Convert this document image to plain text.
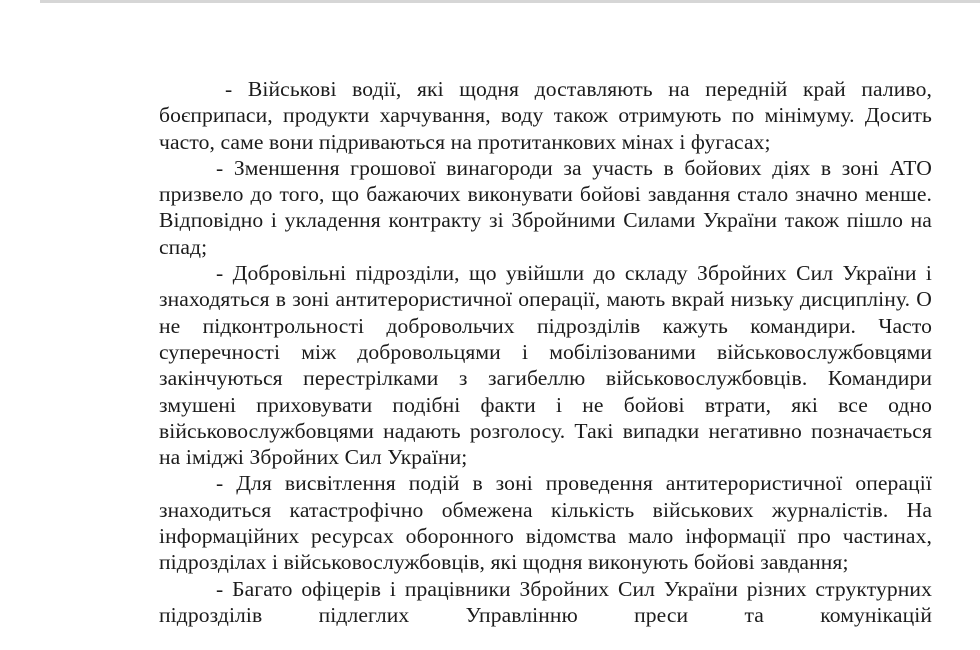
- Військові водії, які щодня доставляють на передній край паливо, боєприпаси, продукти харчування, воду також отримують по мінімуму. Досить часто, саме вони підриваються на протитанкових мінах і фугасах;

- Зменшення грошової винагороди за участь в бойових діях в зоні АТО призвело до того, що бажаючих виконувати бойові завдання стало значно менше. Відповідно і укладення контракту зі Збройними Силами України також пішло на спад;

- Добровільні підрозділи, що увійшли до складу Збройних Сил України і знаходяться в зоні антитерористичної операції, мають вкрай низьку дисципліну. О не підконтрольності добровольчих підрозділів кажуть командири. Часто суперечності між добровольцями і мобілізованими військовослужбовцями закінчуються перестрілками з загибеллю військовослужбовців. Командири змушені приховувати подібні факти і не бойові втрати, які все одно військовослужбовцями надають розголосу. Такі випадки негативно позначається на іміджі Збройних Сил України;

- Для висвітлення подій в зоні проведення антитерористичної операції знаходиться катастрофічно обмежена кількість військових журналістів. На інформаційних ресурсах оборонного відомства мало інформації про частинах, підрозділах і військовослужбовців, які щодня виконують бойові завдання;

- Багато офіцерів і працівники Збройних Сил України різних структурних підрозділів підлеглих Управлінню преси та комунікацій
